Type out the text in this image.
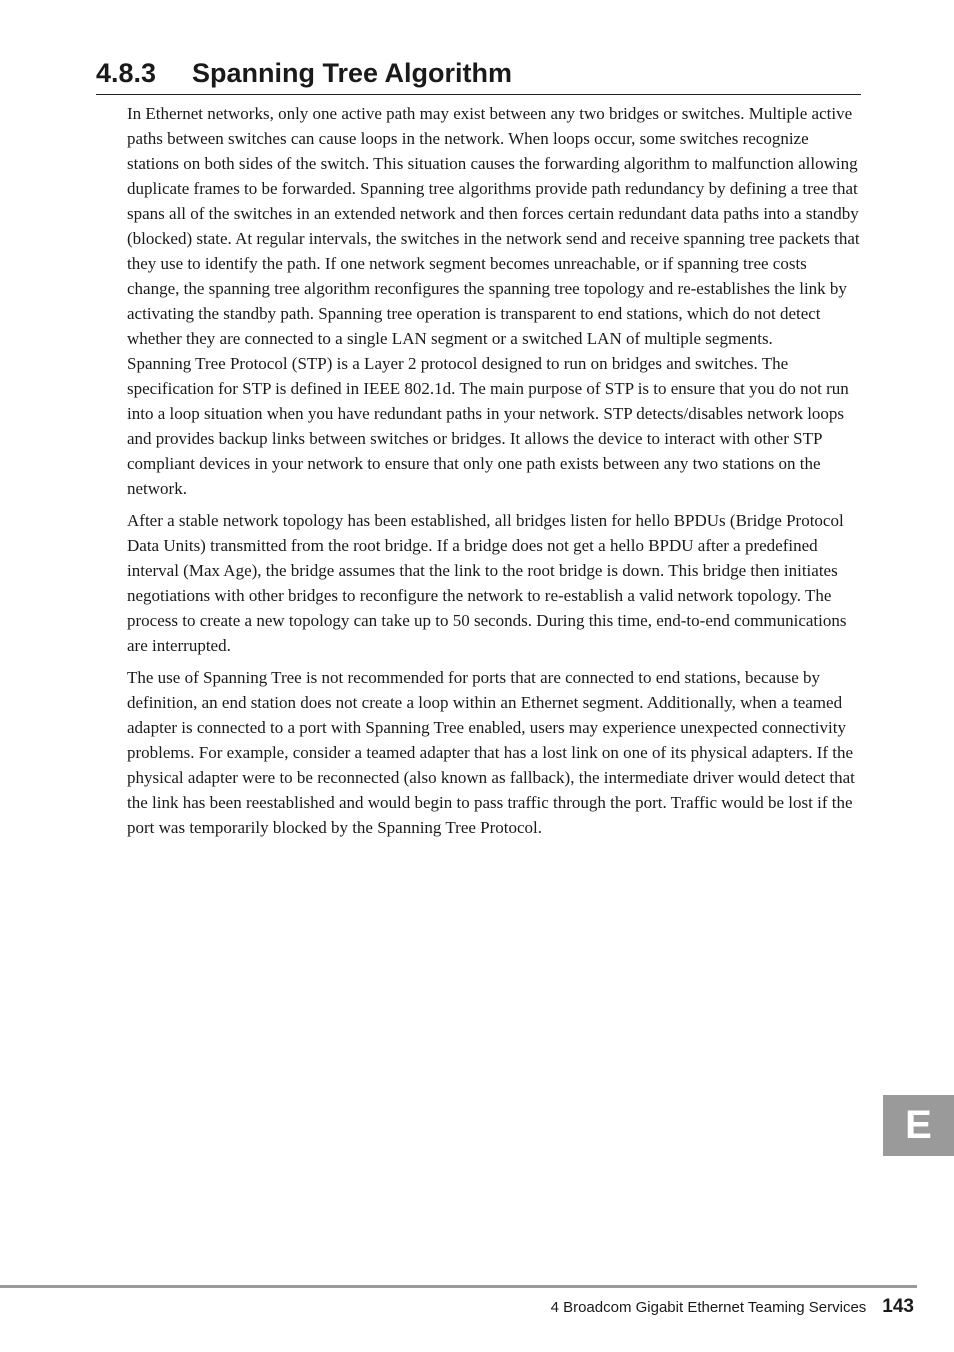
4.8.3 Spanning Tree Algorithm

In Ethernet networks, only one active path may exist between any two bridges or switches. Multiple active paths between switches can cause loops in the network. When loops occur, some switches recognize stations on both sides of the switch. This situation causes the forwarding algorithm to malfunction allowing duplicate frames to be forwarded. Spanning tree algorithms provide path redundancy by defining a tree that spans all of the switches in an extended network and then forces certain redundant data paths into a standby (blocked) state. At regular intervals, the switches in the network send and receive spanning tree packets that they use to identify the path. If one network segment becomes unreachable, or if spanning tree costs change, the spanning tree algorithm reconfigures the spanning tree topology and re-establishes the link by activating the standby path. Spanning tree operation is transparent to end stations, which do not detect whether they are connected to a single LAN segment or a switched LAN of multiple segments.

Spanning Tree Protocol (STP) is a Layer 2 protocol designed to run on bridges and switches. The specification for STP is defined in IEEE 802.1d. The main purpose of STP is to ensure that you do not run into a loop situation when you have redundant paths in your network. STP detects/disables network loops and provides backup links between switches or bridges. It allows the device to interact with other STP compliant devices in your network to ensure that only one path exists between any two stations on the network.

After a stable network topology has been established, all bridges listen for hello BPDUs (Bridge Protocol Data Units) transmitted from the root bridge. If a bridge does not get a hello BPDU after a predefined interval (Max Age), the bridge assumes that the link to the root bridge is down. This bridge then initiates negotiations with other bridges to reconfigure the network to re-establish a valid network topology. The process to create a new topology can take up to 50 seconds. During this time, end-to-end communications are interrupted.

The use of Spanning Tree is not recommended for ports that are connected to end stations, because by definition, an end station does not create a loop within an Ethernet segment. Additionally, when a teamed adapter is connected to a port with Spanning Tree enabled, users may experience unexpected connectivity problems. For example, consider a teamed adapter that has a lost link on one of its physical adapters. If the physical adapter were to be reconnected (also known as fallback), the intermediate driver would detect that the link has been reestablished and would begin to pass traffic through the port. Traffic would be lost if the port was temporarily blocked by the Spanning Tree Protocol.

E
4 Broadcom Gigabit Ethernet Teaming Services 143
